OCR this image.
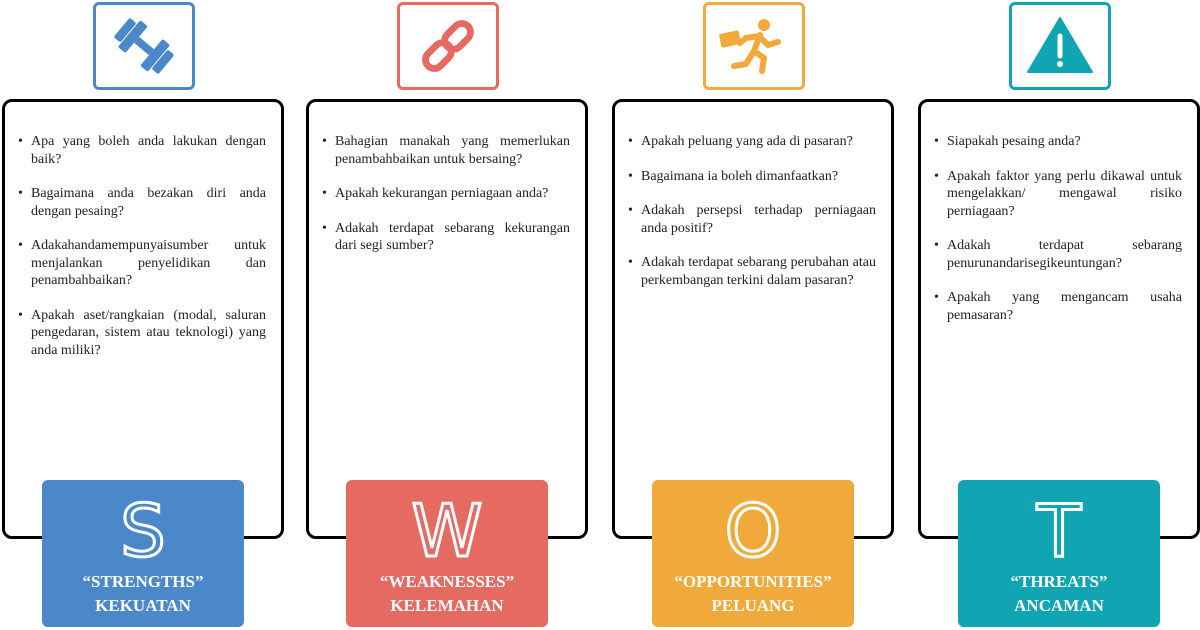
• Apa yang boleh anda lakukan dengan baik?
• Bagaimana anda bezakan diri anda dengan pesaing?
• Adakahandamempunyaisumber untuk menjalankan penyelidikan dan penambahbaikan?
• Apakah aset/rangkaian (modal, saluran pengedaran, sistem atau teknologi) yang anda miliki?
S
“STRENGTHS”
KEKUATAN
• Bahagian manakah yang memerlukan penambahbaikan untuk bersaing?
• Apakah kekurangan perniagaan anda?
• Adakah terdapat sebarang kekurangan dari segi sumber?
W
“WEAKNESSES”
KELEMAHAN
• Apakah peluang yang ada di pasaran?
• Bagaimana ia boleh dimanfaatkan?
• Adakah persepsi terhadap perniagaan anda positif?
• Adakah terdapat sebarang perubahan atau perkembangan terkini dalam pasaran?
O
“OPPORTUNITIES”
PELUANG
• Siapakah pesaing anda?
• Apakah faktor yang perlu dikawal untuk mengelakkan/ mengawal risiko perniagaan?
• Adakah terdapat sebarang penurunandarisegikeuntungan?
• Apakah yang mengancam usaha pemasaran?
T
“THREATS”
ANCAMAN
